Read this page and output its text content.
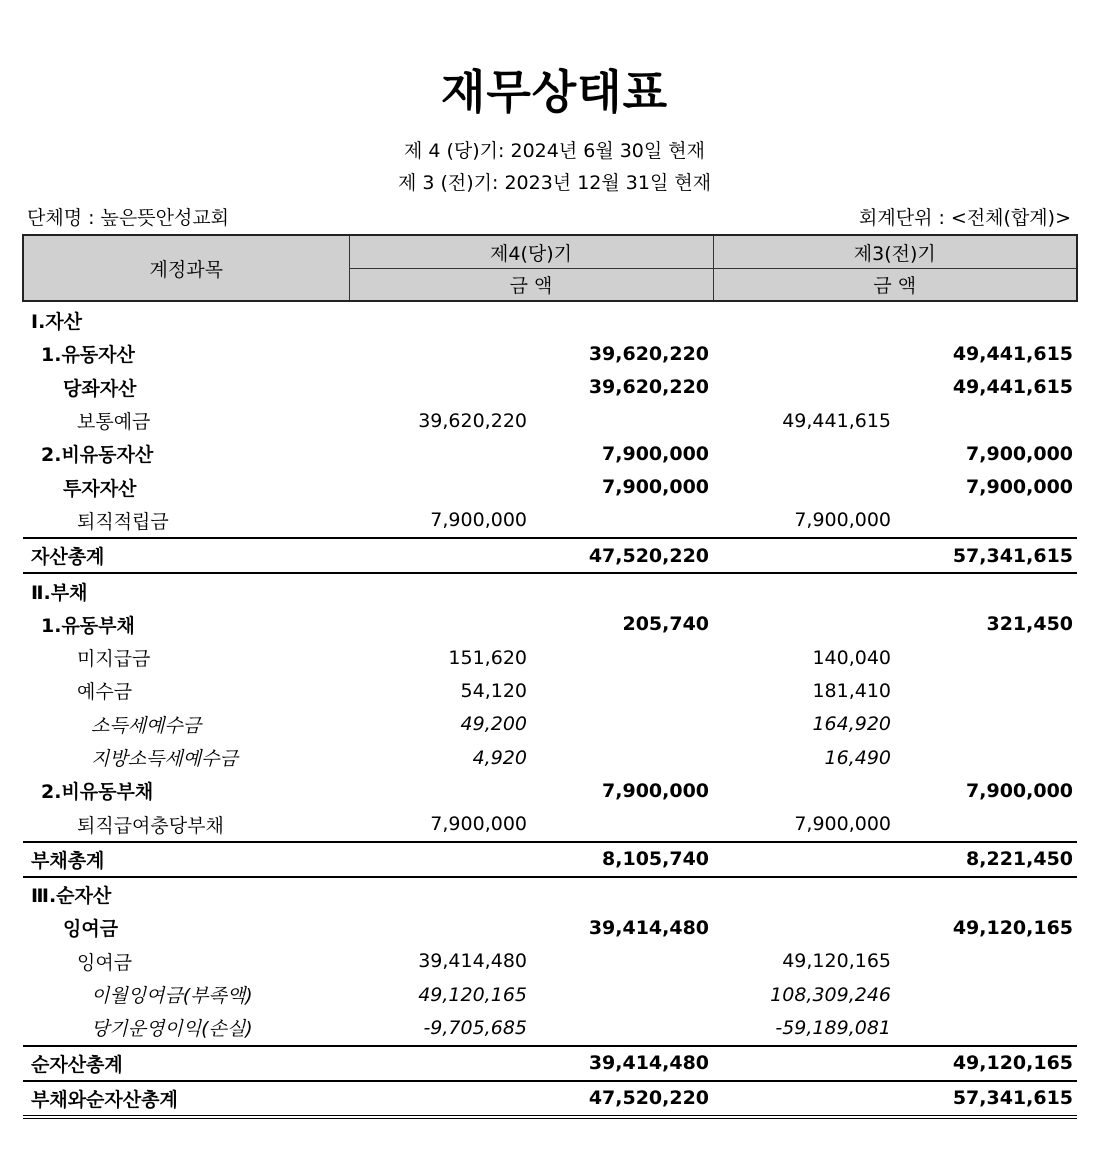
재무상태표
제 4 (당)기: 2024년 6월 30일 현재
제 3 (전)기: 2023년 12월 31일 현재
단체명 : 높은뜻안성교회	회계단위 : <전체(합계)>
계정과목	제4(당)기		제3(전)기	
	금 액		금 액	
Ⅰ.자산				
1.유동자산		39,620,220		49,441,615
당좌자산		39,620,220		49,441,615
보통예금	39,620,220		49,441,615	
2.비유동자산		7,900,000		7,900,000
투자자산		7,900,000		7,900,000
퇴직적립금	7,900,000		7,900,000	
자산총계		47,520,220		57,341,615
Ⅱ.부채				
1.유동부채		205,740		321,450
미지급금	151,620		140,040	
예수금	54,120		181,410	
소득세예수금	49,200		164,920	
지방소득세예수금	4,920		16,490	
2.비유동부채		7,900,000		7,900,000
퇴직급여충당부채	7,900,000		7,900,000	
부채총계		8,105,740		8,221,450
Ⅲ.순자산				
잉여금		39,414,480		49,120,165
잉여금	39,414,480		49,120,165	
이월잉여금(부족액)	49,120,165		108,309,246	
당기운영이익(손실)	-9,705,685		-59,189,081	
순자산총계		39,414,480		49,120,165
부채와순자산총계		47,520,220		57,341,615
